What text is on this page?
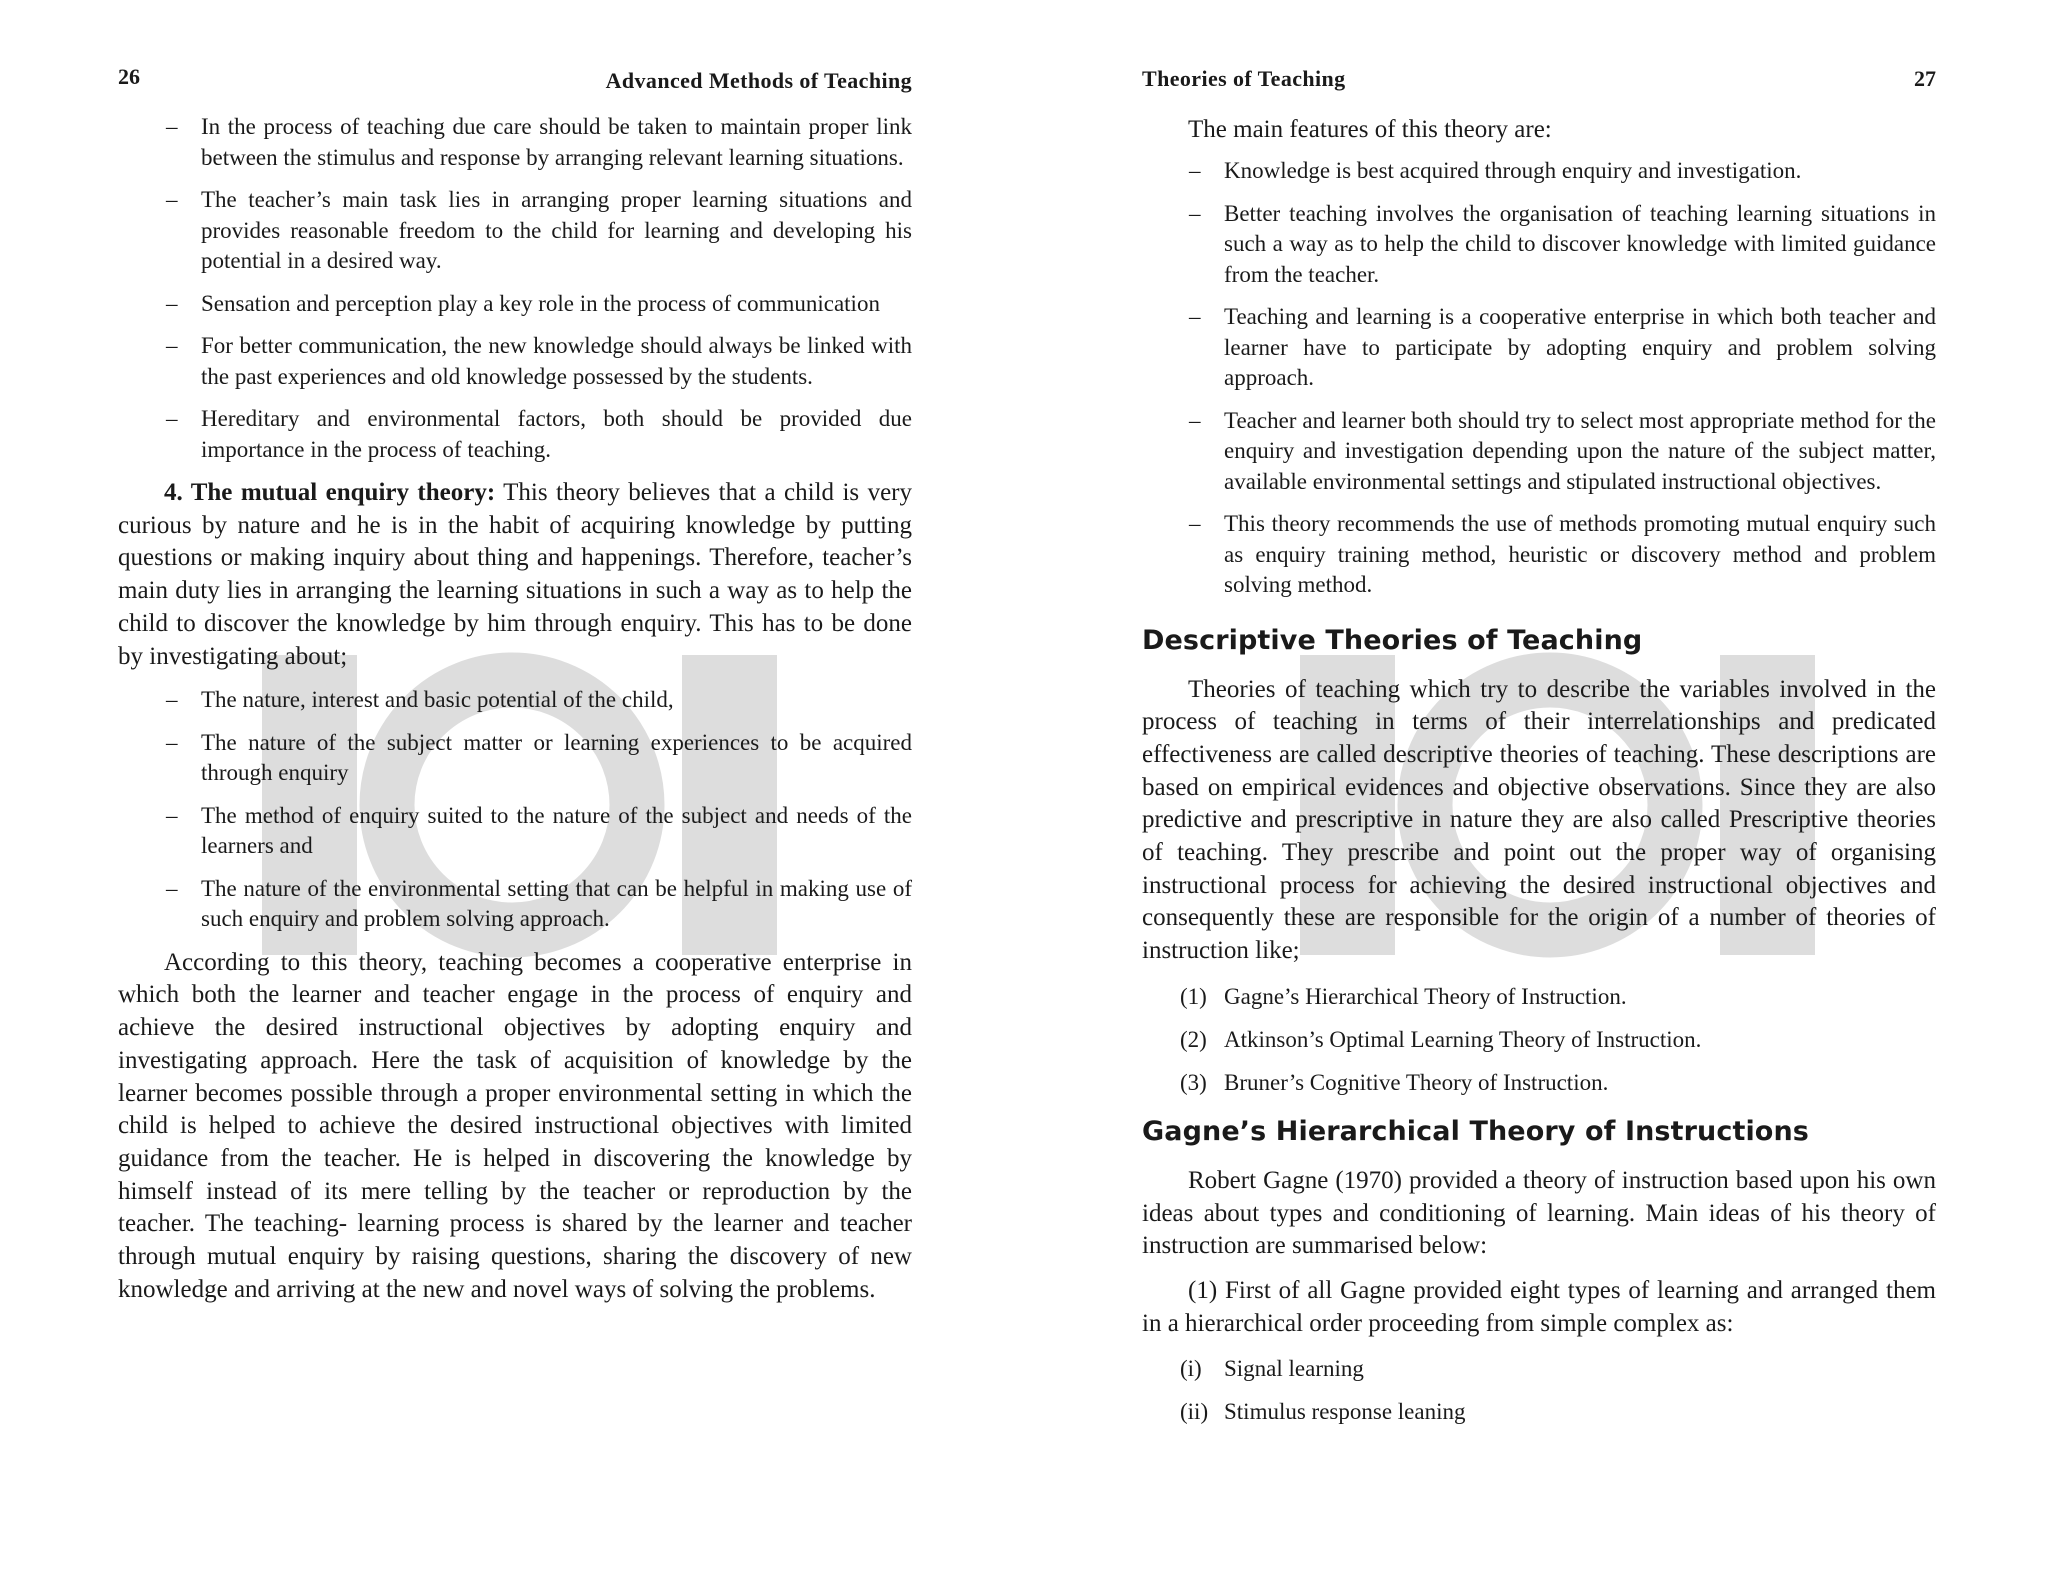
26	Advanced Methods of Teaching
– In the process of teaching due care should be taken to maintain proper link between the stimulus and response by arranging relevant learning situations.
– The teacher’s main task lies in arranging proper learning situations and provides reasonable freedom to the child for learning and developing his potential in a desired way.
– Sensation and perception play a key role in the process of communication
– For better communication, the new knowledge should always be linked with the past experiences and old knowledge possessed by the students.
– Hereditary and environmental factors, both should be provided due importance in the process of teaching.

4. The mutual enquiry theory: This theory believes that a child is very curious by nature and he is in the habit of acquiring knowledge by putting questions or making inquiry about thing and happenings. Therefore, teacher’s main duty lies in arranging the learning situations in such a way as to help the child to discover the knowledge by him through enquiry. This has to be done by investigating about;

– The nature, interest and basic potential of the child,
– The nature of the subject matter or learning experiences to be acquired through enquiry
– The method of enquiry suited to the nature of the subject and needs of the learners and
– The nature of the environmental setting that can be helpful in making use of such enquiry and problem solving approach.

According to this theory, teaching becomes a cooperative enterprise in which both the learner and teacher engage in the process of enquiry and achieve the desired instructional objectives by adopting enquiry and investigating approach. Here the task of acquisition of knowledge by the learner becomes possible through a proper environmental setting in which the child is helped to achieve the desired instructional objectives with limited guidance from the teacher. He is helped in discovering the knowledge by himself instead of its mere telling by the teacher or reproduction by the teacher. The teaching- learning process is shared by the learner and teacher through mutual enquiry by raising questions, sharing the discovery of new knowledge and arriving at the new and novel ways of solving the problems.

Theories of Teaching	27

The main features of this theory are:

– Knowledge is best acquired through enquiry and investigation.
– Better teaching involves the organisation of teaching learning situations in such a way as to help the child to discover knowledge with limited guidance from the teacher.
– Teaching and learning is a cooperative enterprise in which both teacher and learner have to participate by adopting enquiry and problem solving approach.
– Teacher and learner both should try to select most appropriate method for the enquiry and investigation depending upon the nature of the subject matter, available environmental settings and stipulated instructional objectives.
– This theory recommends the use of methods promoting mutual enquiry such as enquiry training method, heuristic or discovery method and problem solving method.
Descriptive Theories of Teaching

Theories of teaching which try to describe the variables involved in the process of teaching in terms of their interrelationships and predicated effectiveness are called descriptive theories of teaching. These descriptions are based on empirical evidences and objective observations. Since they are also predictive and prescriptive in nature they are also called Prescriptive theories of teaching. They prescribe and point out the proper way of organising instructional process for achieving the desired instructional objectives and consequently these are responsible for the origin of a number of theories of instruction like;

(1) Gagne’s Hierarchical Theory of Instruction.
(2) Atkinson’s Optimal Learning Theory of Instruction.
(3) Bruner’s Cognitive Theory of Instruction.
Gagne’s Hierarchical Theory of Instructions

Robert Gagne (1970) provided a theory of instruction based upon his own ideas about types and conditioning of learning. Main ideas of his theory of instruction are summarised below:

(1) First of all Gagne provided eight types of learning and arranged them in a hierarchical order proceeding from simple complex as:

(i) Signal learning
(ii) Stimulus response leaning
